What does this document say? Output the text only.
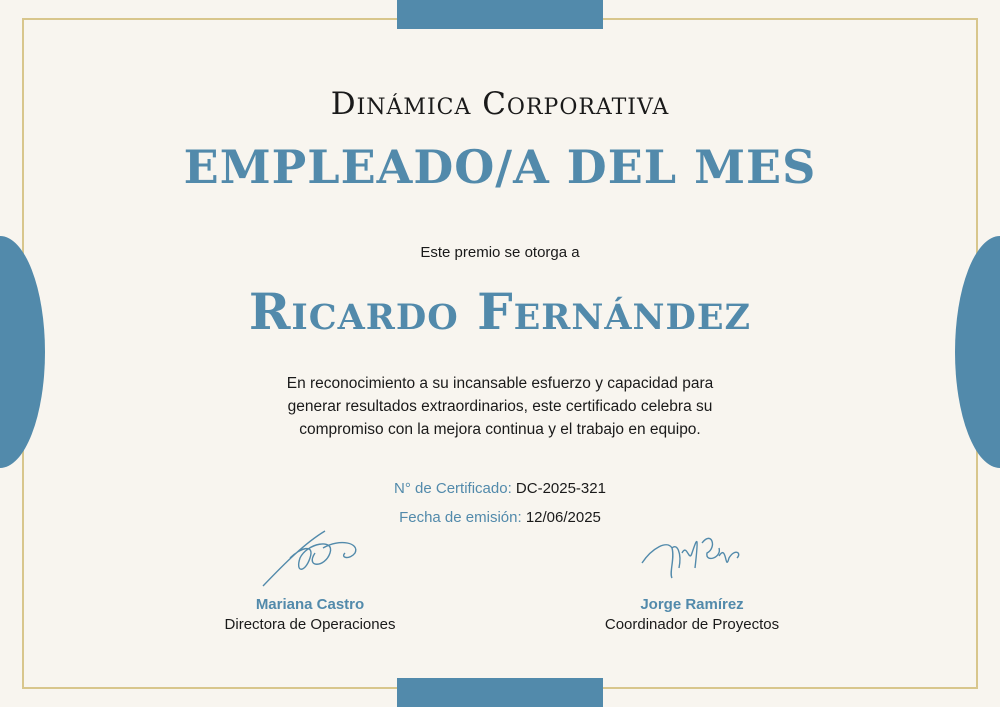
Dinámica Corporativa
EMPLEADO/A DEL MES
Este premio se otorga a
Ricardo Fernández

En reconocimiento a su incansable esfuerzo y capacidad para generar resultados extraordinarios, este certificado celebra su compromiso con la mejora continua y el trabajo en equipo.

N° de Certificado: DC-2025-321
Fecha de emisión: 12/06/2025
Mariana Castro
Directora de Operaciones
Jorge Ramírez
Coordinador de Proyectos
